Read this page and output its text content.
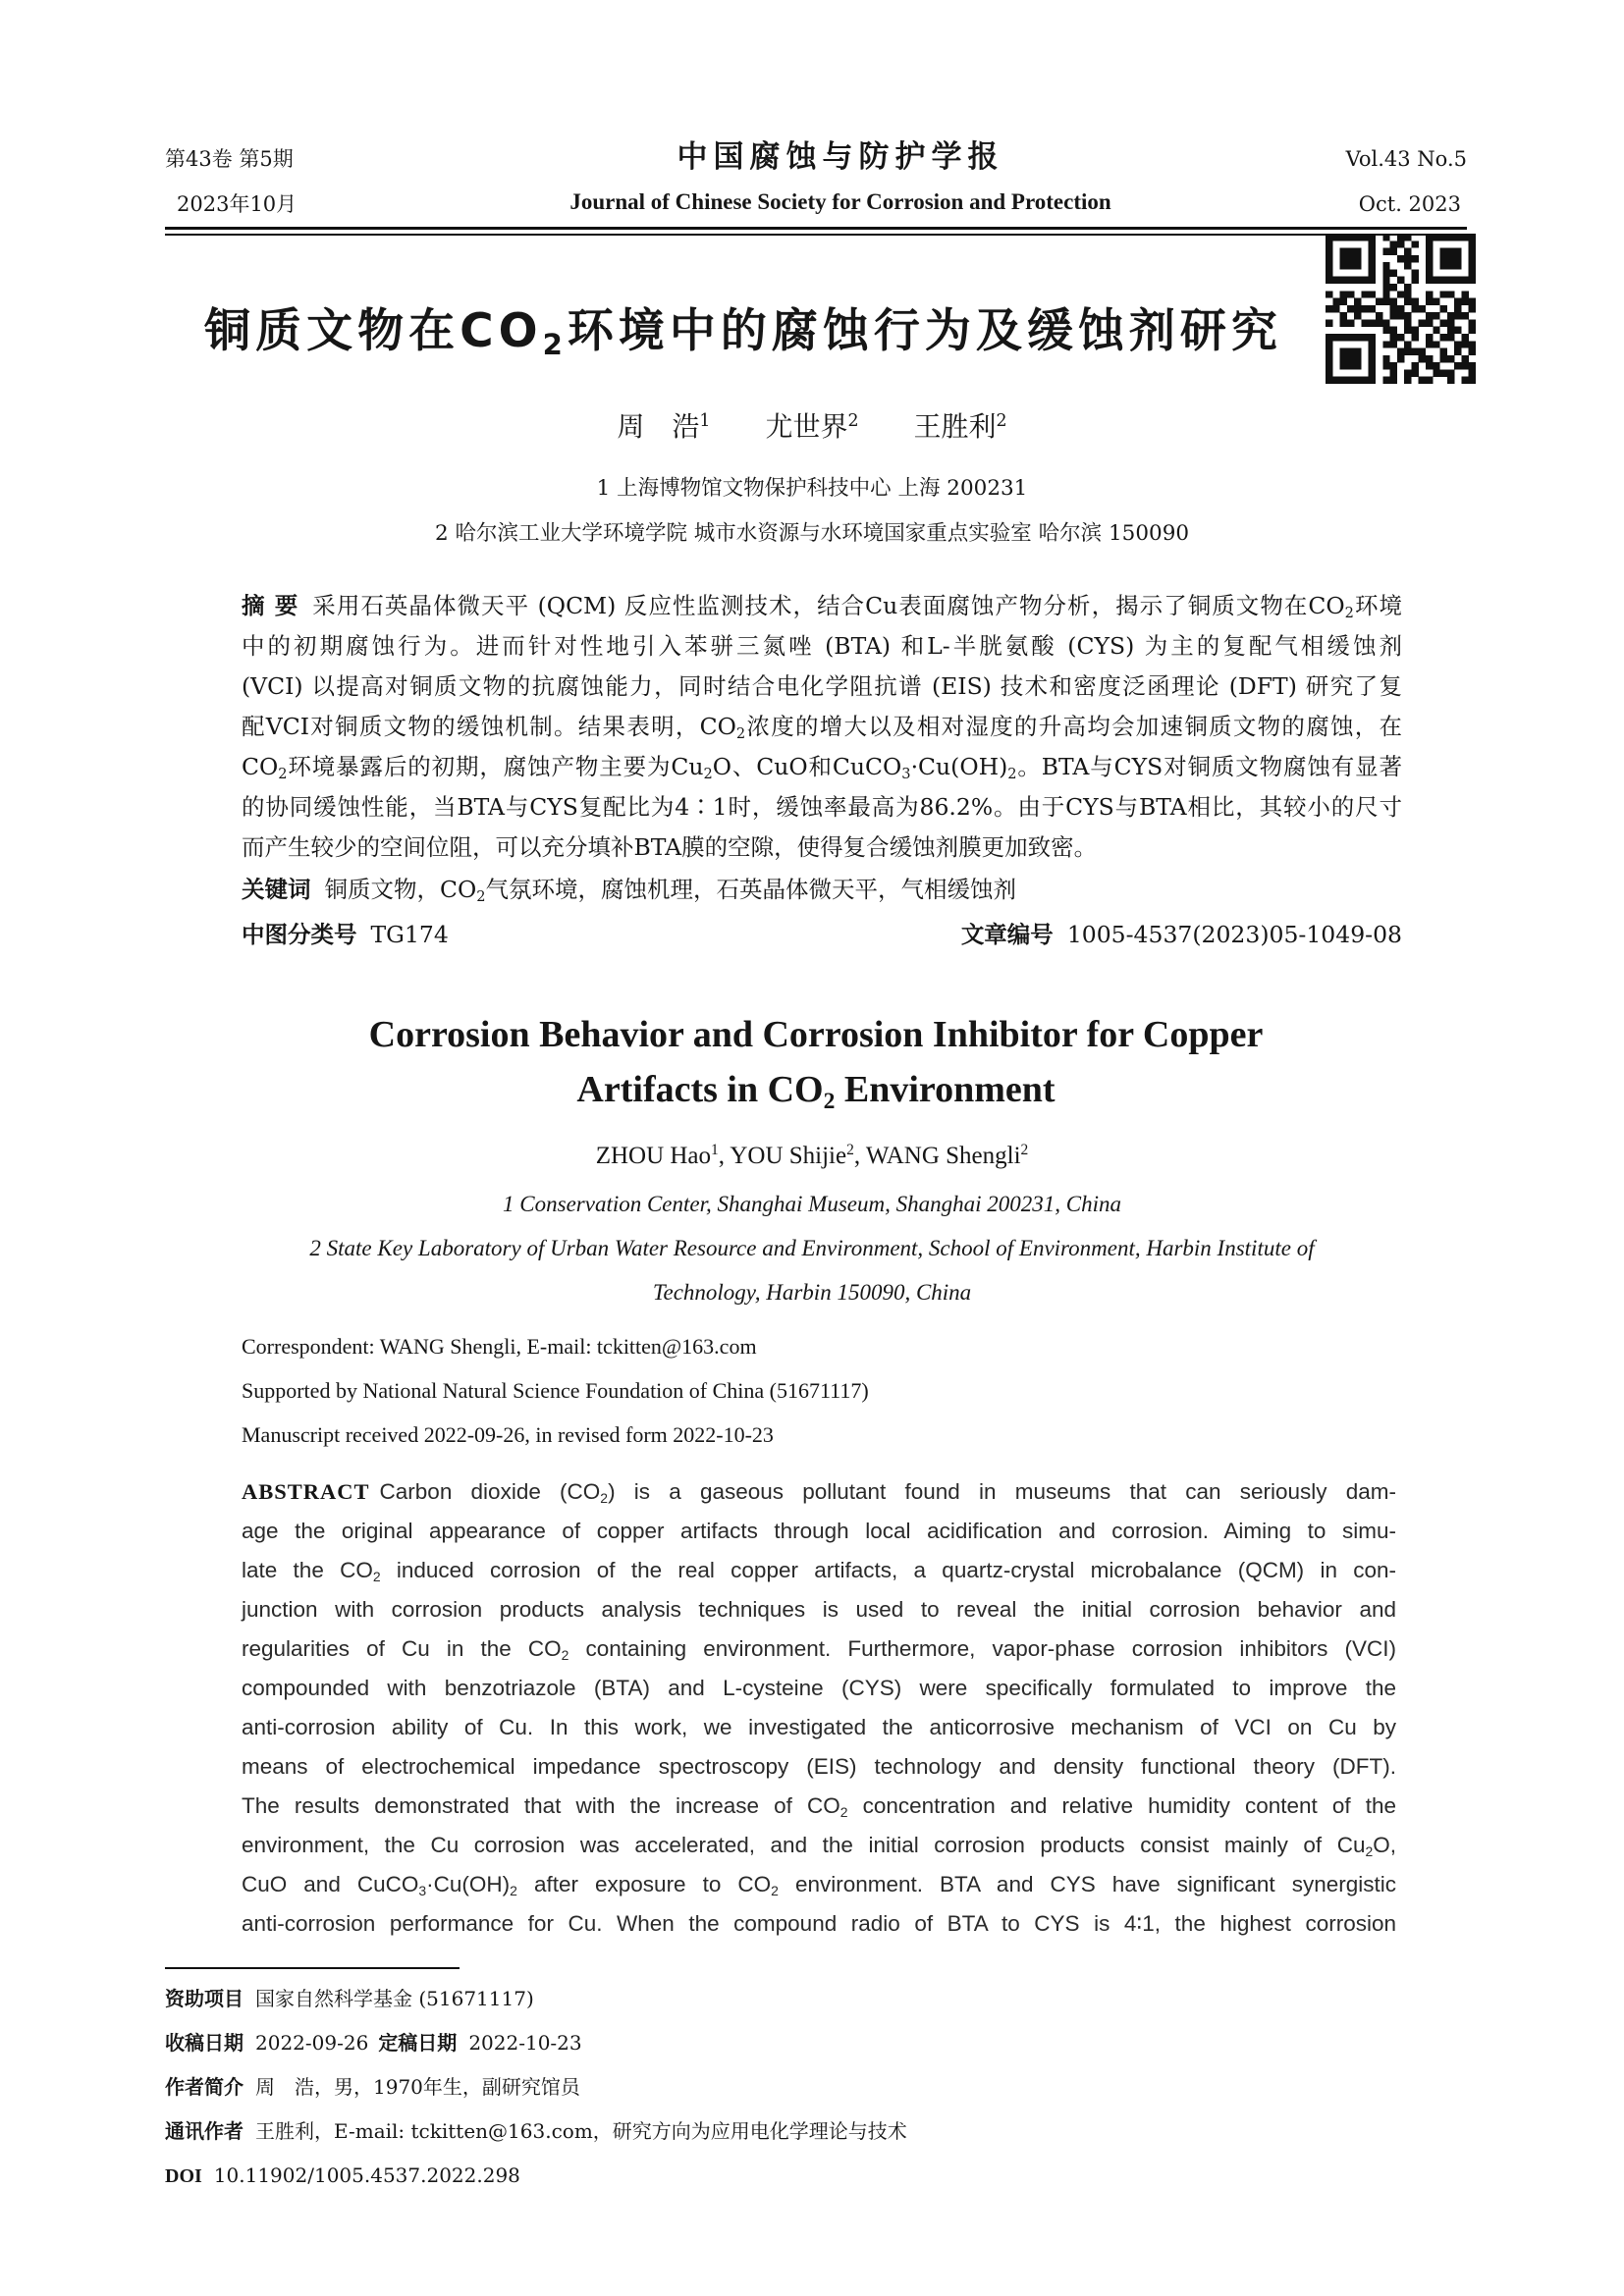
第43卷 第5期
2023年10月
中国腐蚀与防护学报
Journal of Chinese Society for Corrosion and Protection
Vol.43 No.5
Oct. 2023
铜质文物在$CO_2$环境中的腐蚀行为及缓蚀剂研究
周　浩$^1$　　尤世界$^2$　　王胜利$^2$
1 上海博物馆文物保护科技中心 上海 200231
2 哈尔滨工业大学环境学院 城市水资源与水环境国家重点实验室 哈尔滨 150090
摘 要 采用石英晶体微天平 (QCM) 反应性监测技术，结合Cu表面腐蚀产物分析，揭示了铜质文物在$CO_2$环境
中的初期腐蚀行为。进而针对性地引入苯骈三氮唑 (BTA) 和L-半胱氨酸 (CYS) 为主的复配气相缓蚀剂
(VCI) 以提高对铜质文物的抗腐蚀能力，同时结合电化学阻抗谱 (EIS) 技术和密度泛函理论 (DFT) 研究了复
配VCI对铜质文物的缓蚀机制。结果表明，$CO_2$浓度的增大以及相对湿度的升高均会加速铜质文物的腐蚀，在
$CO_2$环境暴露后的初期，腐蚀产物主要为$Cu_2O$、CuO和$CuCO_3\cdot Cu(OH)_2$。BTA与CYS对铜质文物腐蚀有显著
的协同缓蚀性能，当BTA与CYS复配比为4∶1时，缓蚀率最高为86.2%。由于CYS与BTA相比，其较小的尺寸
而产生较少的空间位阻，可以充分填补BTA膜的空隙，使得复合缓蚀剂膜更加致密。
关键词 铜质文物，$CO_2$气氛环境，腐蚀机理，石英晶体微天平，气相缓蚀剂
中图分类号 TG174	文章编号 1005-4537(2023)05-1049-08
Corrosion Behavior and Corrosion Inhibitor for Copper
Artifacts in $CO_2$ Environment
ZHOU Hao$^1$, YOU Shijie$^2$, WANG Shengli$^2$
1 Conservation Center, Shanghai Museum, Shanghai 200231, China
2 State Key Laboratory of Urban Water Resource and Environment, School of Environment, Harbin Institute of
Technology, Harbin 150090, China
Correspondent: WANG Shengli, E-mail: tckitten@163.com
Supported by National Natural Science Foundation of China (51671117)
Manuscript received 2022-09-26, in revised form 2022-10-23
ABSTRACT Carbon dioxide $(CO_2)$ is a gaseous pollutant found in museums that can seriously dam-
age the original appearance of copper artifacts through local acidification and corrosion. Aiming to simu-
late the $CO_2$ induced corrosion of the real copper artifacts, a quartz-crystal microbalance (QCM) in con-
junction with corrosion products analysis techniques is used to reveal the initial corrosion behavior and
regularities of Cu in the $CO_2$ containing environment. Furthermore, vapor-phase corrosion inhibitors (VCI)
compounded with benzotriazole (BTA) and L-cysteine (CYS) were specifically formulated to improve the
anti-corrosion ability of Cu. In this work, we investigated the anticorrosive mechanism of VCI on Cu by
means of electrochemical impedance spectroscopy (EIS) technology and density functional theory (DFT).
The results demonstrated that with the increase of $CO_2$ concentration and relative humidity content of the
environment, the Cu corrosion was accelerated, and the initial corrosion products consist mainly of $Cu_2O$,
CuO and $CuCO_3\cdot Cu(OH)_2$ after exposure to $CO_2$ environment. BTA and CYS have significant synergistic
anti-corrosion performance for Cu. When the compound radio of BTA to CYS is 4∶1, the highest corrosion
资助项目 国家自然科学基金 (51671117)
收稿日期 2022-09-26 定稿日期 2022-10-23
作者简介 周　浩，男，1970年生，副研究馆员
通讯作者 王胜利，E-mail: tckitten@163.com，研究方向为应用电化学理论与技术
DOI 10.11902/1005.4537.2022.298
